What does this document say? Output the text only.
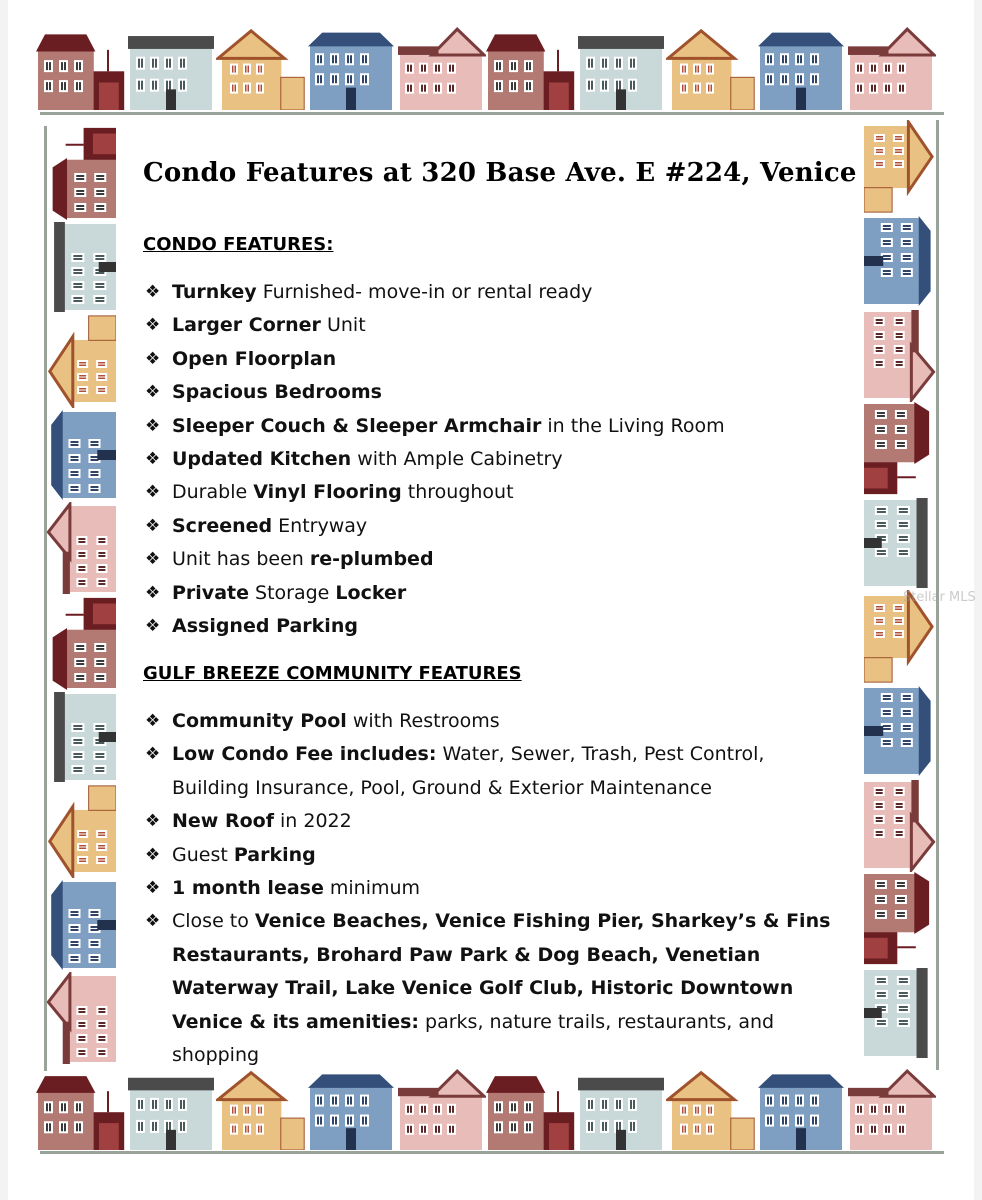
Condo Features at 320 Base Ave. E #224, Venice
CONDO FEATURES:
❖ Turnkey Furnished- move-in or rental ready
❖ Larger Corner Unit
❖ Open Floorplan
❖ Spacious Bedrooms
❖ Sleeper Couch & Sleeper Armchair in the Living Room
❖ Updated Kitchen with Ample Cabinetry
❖ Durable Vinyl Flooring throughout
❖ Screened Entryway
❖ Unit has been re-plumbed
❖ Private Storage Locker
❖ Assigned Parking
GULF BREEZE COMMUNITY FEATURES
❖ Community Pool with Restrooms
❖ Low Condo Fee includes: Water, Sewer, Trash, Pest Control, Building Insurance, Pool, Ground & Exterior Maintenance
❖ New Roof in 2022
❖ Guest Parking
❖ 1 month lease minimum
❖ Close to Venice Beaches, Venice Fishing Pier, Sharkey’s & Fins Restaurants, Brohard Paw Park & Dog Beach, Venetian Waterway Trail, Lake Venice Golf Club, Historic Downtown Venice & its amenities: parks, nature trails, restaurants, and shopping
Stellar MLS
